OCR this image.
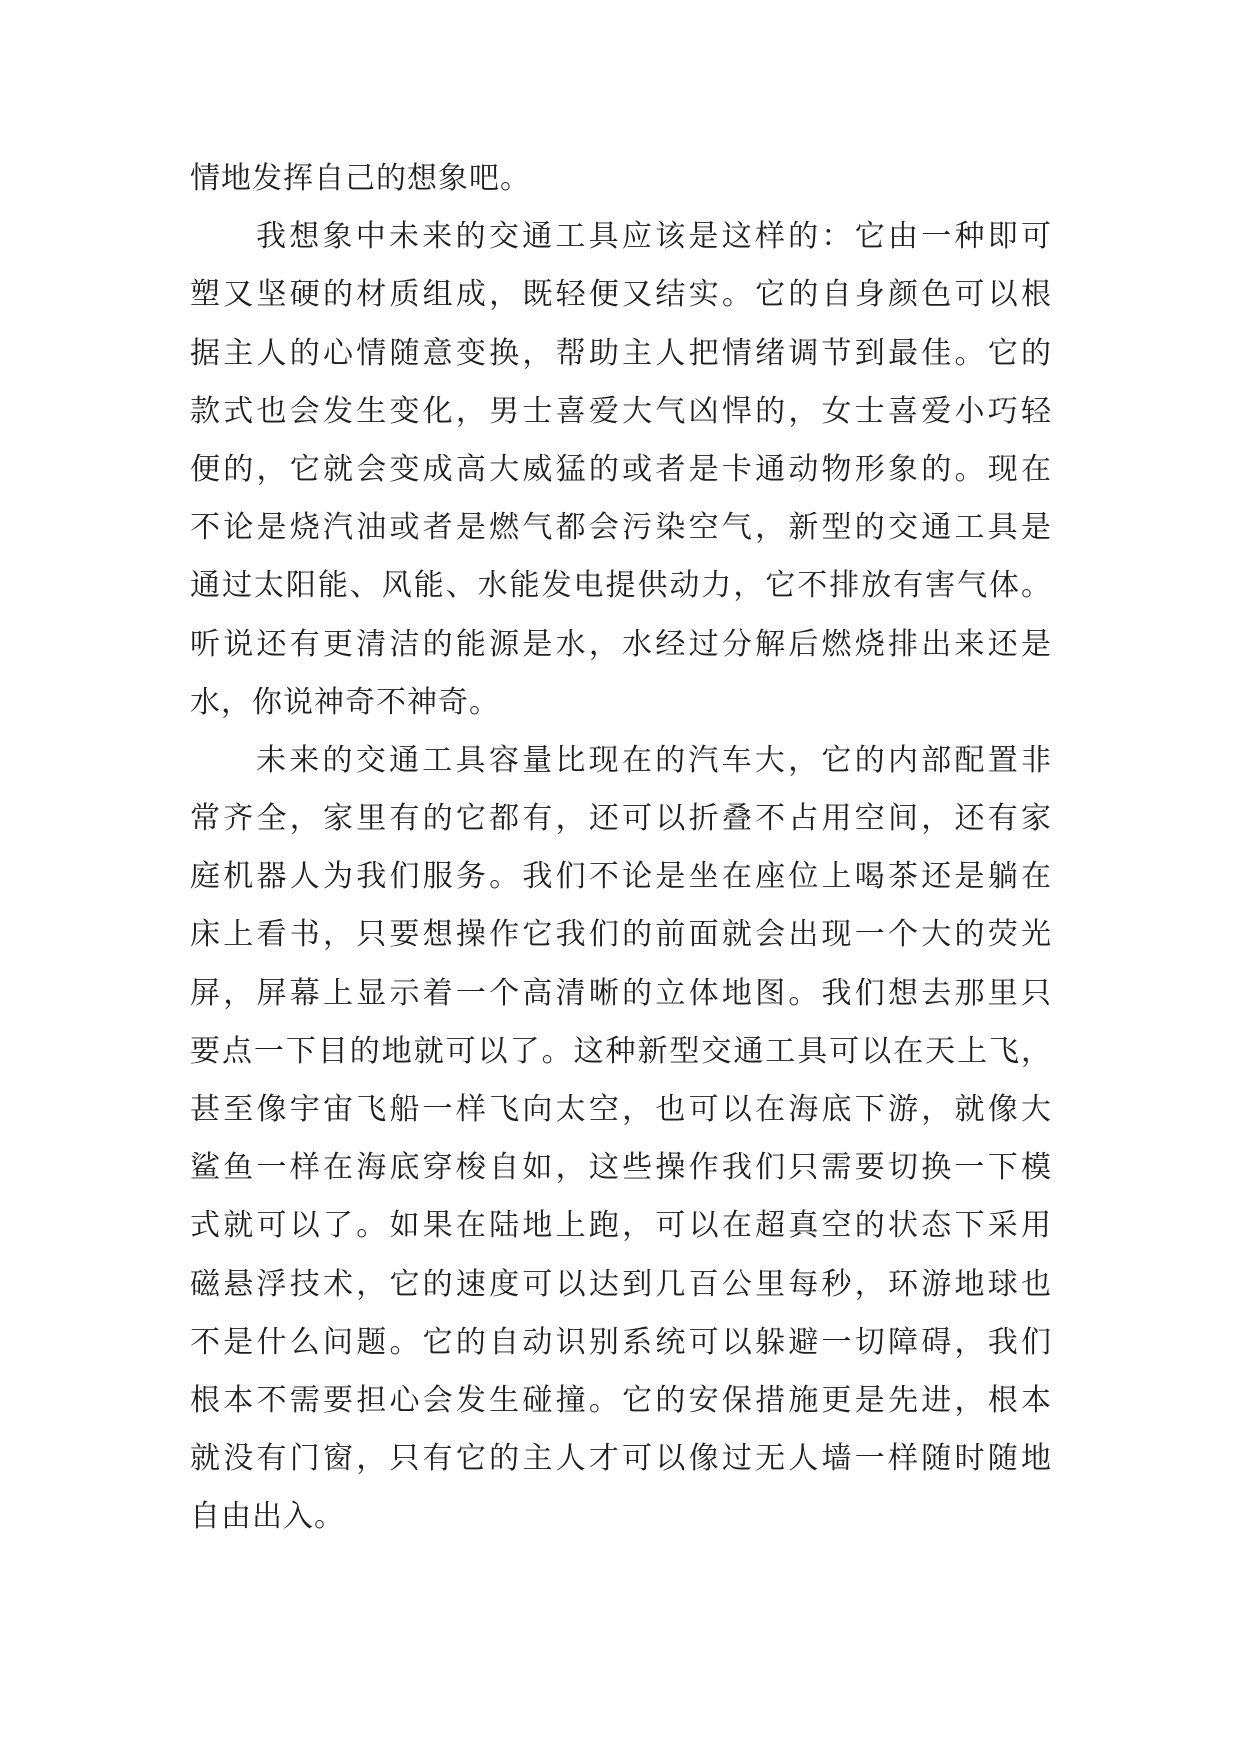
情地发挥自己的想象吧。
我想象中未来的交通工具应该是这样的：它由一种即可
塑又坚硬的材质组成，既轻便又结实。它的自身颜色可以根
据主人的心情随意变换，帮助主人把情绪调节到最佳。它的
款式也会发生变化，男士喜爱大气凶悍的，女士喜爱小巧轻
便的，它就会变成高大威猛的或者是卡通动物形象的。现在
不论是烧汽油或者是燃气都会污染空气，新型的交通工具是
通过太阳能、风能、水能发电提供动力，它不排放有害气体。
听说还有更清洁的能源是水，水经过分解后燃烧排出来还是
水，你说神奇不神奇。
未来的交通工具容量比现在的汽车大，它的内部配置非
常齐全，家里有的它都有，还可以折叠不占用空间，还有家
庭机器人为我们服务。我们不论是坐在座位上喝茶还是躺在
床上看书，只要想操作它我们的前面就会出现一个大的荧光
屏，屏幕上显示着一个高清晰的立体地图。我们想去那里只
要点一下目的地就可以了。这种新型交通工具可以在天上飞，
甚至像宇宙飞船一样飞向太空，也可以在海底下游，就像大
鲨鱼一样在海底穿梭自如，这些操作我们只需要切换一下模
式就可以了。如果在陆地上跑，可以在超真空的状态下采用
磁悬浮技术，它的速度可以达到几百公里每秒，环游地球也
不是什么问题。它的自动识别系统可以躲避一切障碍，我们
根本不需要担心会发生碰撞。它的安保措施更是先进，根本
就没有门窗，只有它的主人才可以像过无人墙一样随时随地
自由出入。
